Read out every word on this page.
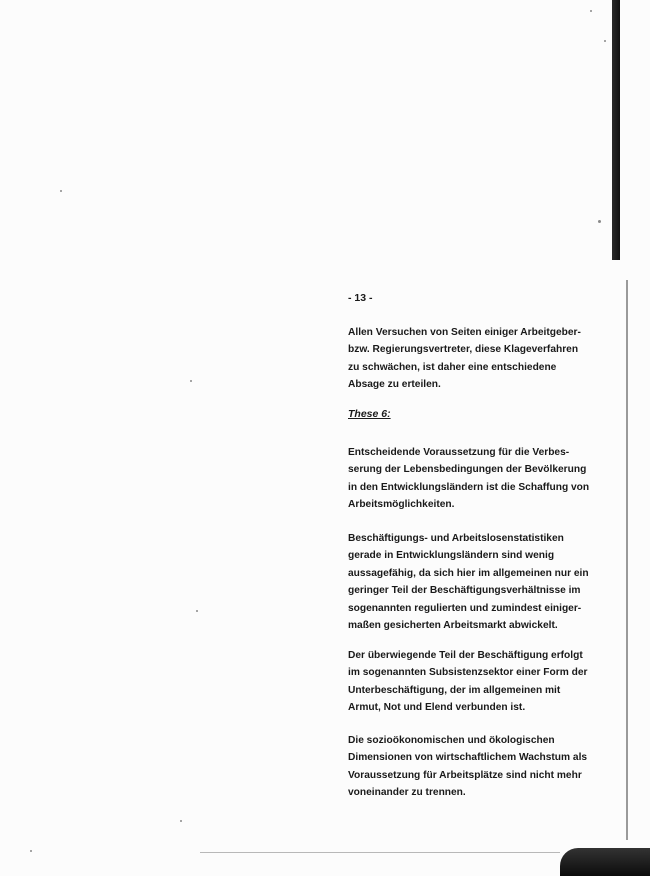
- 13 -
Allen Versuchen von Seiten einiger Arbeitgeber-
bzw. Regierungsvertreter, diese Klageverfahren
zu schwächen, ist daher eine entschiedene
Absage zu erteilen.
These 6:
Entscheidende Voraussetzung für die Verbes-
serung der Lebensbedingungen der Bevölkerung
in den Entwicklungsländern ist die Schaffung von
Arbeitsmöglichkeiten.
Beschäftigungs- und Arbeitslosenstatistiken
gerade in Entwicklungsländern sind wenig
aussagefähig, da sich hier im allgemeinen nur ein
geringer Teil der Beschäftigungsverhältnisse im
sogenannten regulierten und zumindest einiger-
maßen gesicherten Arbeitsmarkt abwickelt.
Der überwiegende Teil der Beschäftigung erfolgt
im sogenannten Subsistenzsektor einer Form der
Unterbeschäftigung, der im allgemeinen mit
Armut, Not und Elend verbunden ist.
Die sozioökonomischen und ökologischen
Dimensionen von wirtschaftlichem Wachstum als
Voraussetzung für Arbeitsplätze sind nicht mehr
voneinander zu trennen.
